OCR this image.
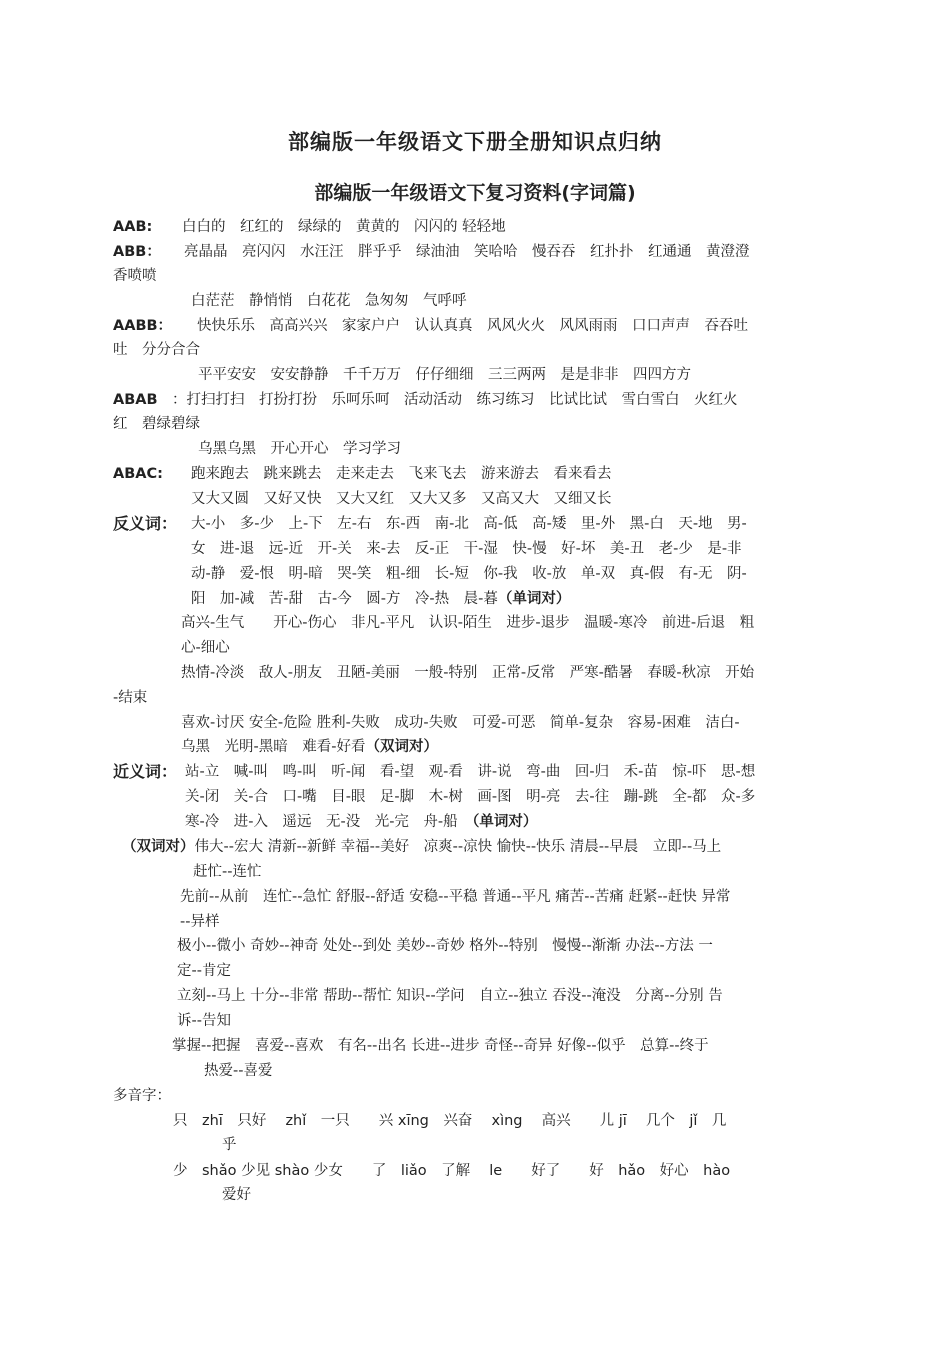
部编版一年级语文下册全册知识点归纳
部编版一年级语文下复习资料(字词篇)
AAB: 白白的　红红的　绿绿的　黄黄的　闪闪的 轻轻地
ABB： 亮晶晶　亮闪闪　水汪汪　胖乎乎　绿油油　笑哈哈　慢吞吞　红扑扑　红通通　黄澄澄
香喷喷
白茫茫　静悄悄　白花花　急匆匆　气呼呼
AABB： 快快乐乐　高高兴兴　家家户户　认认真真　风风火火　风风雨雨　口口声声　吞吞吐
吐　分分合合
平平安安　安安静静　千千万万　仔仔细细　三三两两　是是非非　四四方方
ABAB ：打扫打扫　打扮打扮　乐呵乐呵　活动活动　练习练习　比试比试　雪白雪白　火红火
红　碧绿碧绿
乌黑乌黑　开心开心　学习学习
ABAC: 跑来跑去　跳来跳去　走来走去　飞来飞去　游来游去　看来看去
又大又圆　又好又快　又大又红　又大又多　又高又大　又细又长
反义词： 大-小　多-少　上-下　左-右　东-西　南-北　高-低　高-矮　里-外　黑-白　天-地　男-
女　进-退　远-近　开-关　来-去　反-正　干-湿　快-慢　好-坏　美-丑　老-少　是-非
动-静　爱-恨　明-暗　哭-笑　粗-细　长-短　你-我　收-放　单-双　真-假　有-无　阴-
阳　加-减　苦-甜　古-今　圆-方　冷-热　晨-暮（单词对）
高兴-生气　　开心-伤心　非凡-平凡　认识-陌生　进步-退步　温暖-寒冷　前进-后退　粗
心-细心
热情-冷淡　敌人-朋友　丑陋-美丽　一般-特别　正常-反常　严寒-酷暑　春暖-秋凉　开始
-结束
喜欢-讨厌 安全-危险 胜利-失败　成功-失败　可爱-可恶　简单-复杂　容易-困难　洁白-
乌黑　光明-黑暗　难看-好看（双词对）
近义词： 站-立　喊-叫　鸣-叫　听-闻　看-望　观-看　讲-说　弯-曲　回-归　禾-苗　惊-吓　思-想
关-闭　关-合　口-嘴　目-眼　足-脚　木-树　画-图　明-亮　去-往　蹦-跳　全-都　众-多
寒-冷　进-入　遥远　无-没　光-完　舟-船　（单词对）
（双词对）伟大--宏大 清新--新鲜 幸福--美好　凉爽--凉快 愉快--快乐 清晨--早晨　立即--马上
赶忙--连忙
先前--从前　连忙--急忙 舒服--舒适 安稳--平稳 普通--平凡 痛苦--苦痛 赶紧--赶快 异常
--异样
极小--微小 奇妙--神奇 处处--到处 美妙--奇妙 格外--特别　慢慢--渐渐 办法--方法 一
定--肯定
立刻--马上 十分--非常 帮助--帮忙 知识--学问　自立--独立 吞没--淹没　分离--分别 告
诉--告知
掌握--把握　喜爱--喜欢　有名--出名 长进--进步 奇怪--奇异 好像--似乎　总算--终于
热爱--喜爱
多音字：
只　zhī　只好　 zhǐ　一只　　兴 xīng　兴奋　 xìng　 高兴　　儿 jī　 几个　jǐ　几
乎
少　shǎo 少见 shào 少女　　了　liǎo　了解　 le　　好了　　好　hǎo　好心　hào
爱好
